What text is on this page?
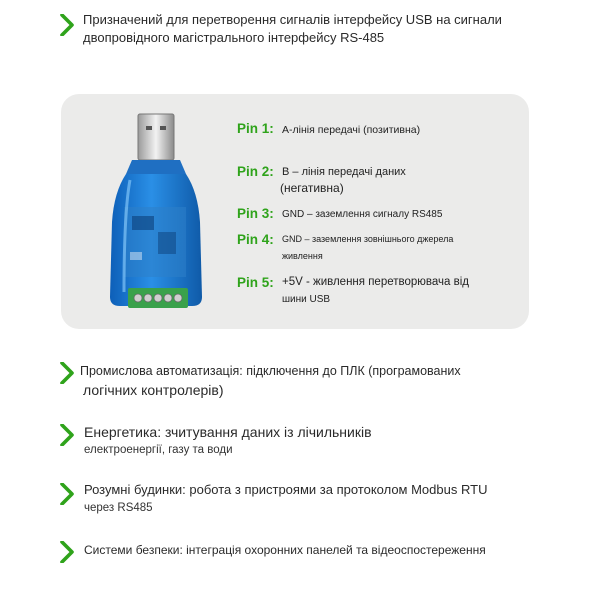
Призначений для перетворення сигналів інтерфейсу USB на сигнали
двопровідного магістрального інтерфейсу RS-485
Pin 1: A-лінія передачі (позитивна)
Pin 2: B – лінія передачі даних
(негативна)
Pin 3: GND – заземлення сигналу RS485
Pin 4: GND – заземлення зовнішнього джерела
живлення
Pin 5: +5V - живлення перетворювача від
шини USB
Промислова автоматизація: підключення до ПЛК (програмованих
логічних контролерів)
Енергетика: зчитування даних із лічильників
електроенергії, газу та води
Розумні будинки: робота з пристроями за протоколом Modbus RTU
через RS485
Системи безпеки: інтеграція охоронних панелей та відеоспостереження
